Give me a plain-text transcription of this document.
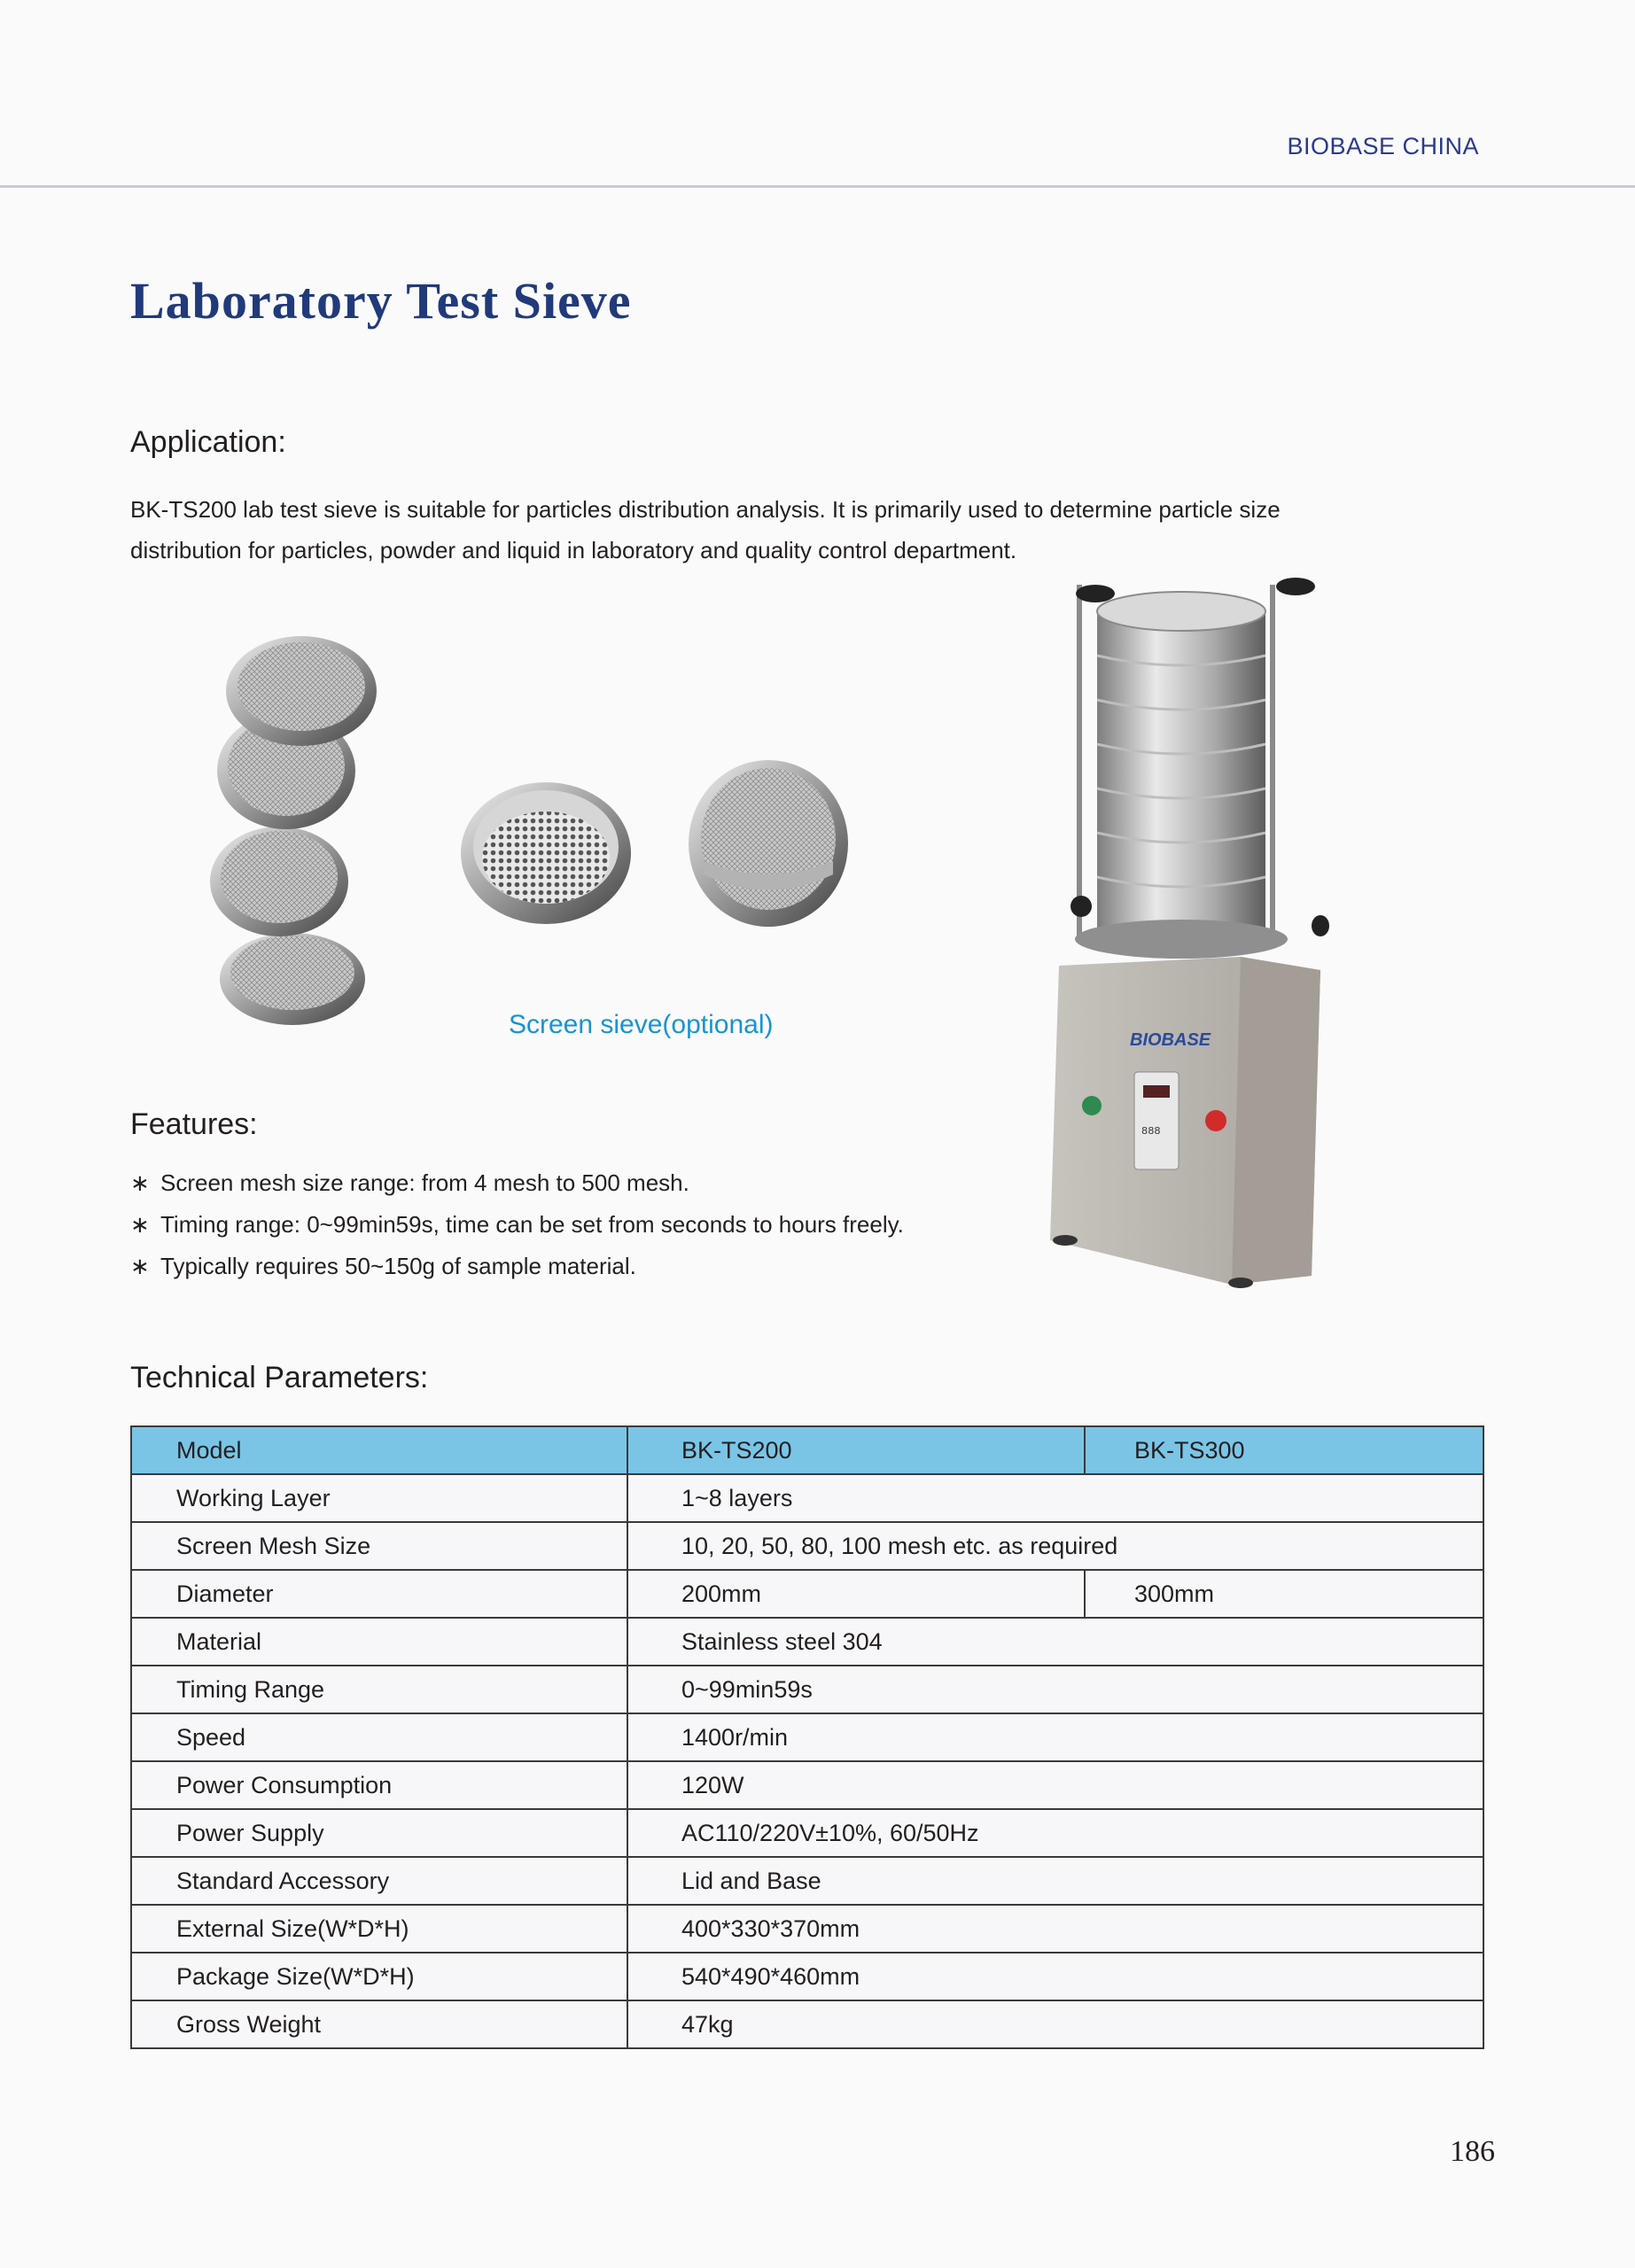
BIOBASE CHINA
Laboratory Test Sieve
Application:

BK-TS200 lab test sieve is suitable for particles distribution analysis. It is primarily used to determine particle size
distribution for particles, powder and liquid in laboratory and quality control department.

Screen sieve(optional)
BIOBASE
888
Features:
∗ Screen mesh size range: from 4 mesh to 500 mesh.
∗ Timing range: 0~99min59s, time can be set from seconds to hours freely.
∗ Typically requires 50~150g of sample material.
Technical Parameters:
Model	BK-TS200	BK-TS300
Working Layer	1~8 layers	
Screen Mesh Size	10, 20, 50, 80, 100 mesh etc. as required	
Diameter	200mm	300mm
Material	Stainless steel 304	
Timing Range	0~99min59s	
Speed	1400r/min	
Power Consumption	120W	
Power Supply	AC110/220V±10%, 60/50Hz	
Standard Accessory	Lid and Base	
External Size(W*D*H)	400*330*370mm	
Package Size(W*D*H)	540*490*460mm	
Gross Weight	47kg	
186
